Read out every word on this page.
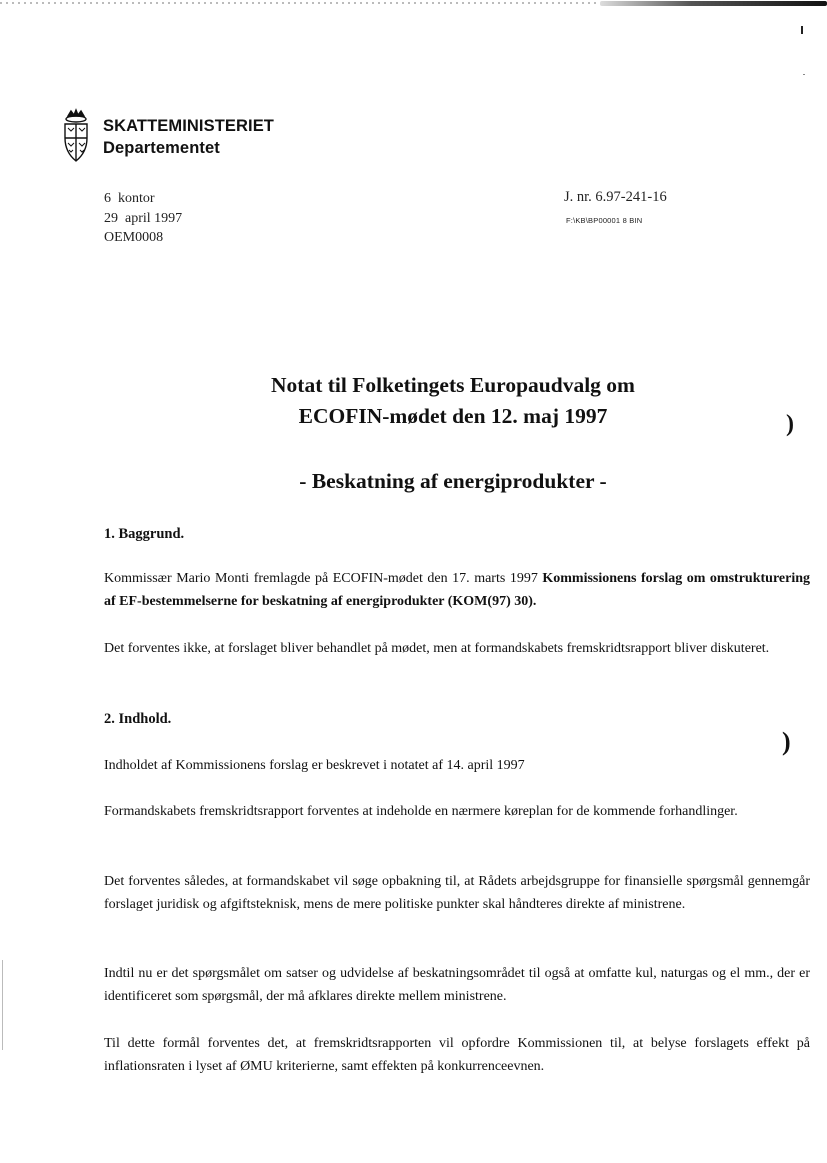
SKATTEMINISTERIET
Departementet
6  kontor
29  april 1997
OEM0008
J. nr. 6.97-241-16
F:\KB\BP00001 8 BIN
Notat til Folketingets Europaudvalg om
ECOFIN-mødet den 12. maj 1997
- Beskatning af energiprodukter -
)
)
1. Baggrund.
Kommissær Mario Monti fremlagde på ECOFIN-mødet den 17. marts 1997 Kommissionens forslag om omstrukturering af EF-bestemmelserne for beskatning af energiprodukter (KOM(97) 30).
Det forventes ikke, at forslaget bliver behandlet på mødet, men at formandskabets fremskridtsrapport bliver diskuteret.
2. Indhold.
Indholdet af Kommissionens forslag er beskrevet i notatet af 14. april 1997
Formandskabets fremskridtsrapport forventes at indeholde en nærmere køreplan for de kommende forhandlinger.
Det forventes således, at formandskabet vil søge opbakning til, at Rådets arbejdsgruppe for finansielle spørgsmål gennemgår forslaget juridisk og afgiftsteknisk, mens de mere politiske punkter skal håndteres direkte af ministrene.
Indtil nu er det spørgsmålet om satser og udvidelse af beskatningsområdet til også at omfatte kul, naturgas og el mm., der er identificeret som spørgsmål, der må afklares direkte mellem ministrene.
Til dette formål forventes det, at fremskridtsrapporten vil opfordre Kommissionen til, at belyse forslagets effekt på inflationsraten i lyset af ØMU kriterierne, samt effekten på konkurrenceevnen.
